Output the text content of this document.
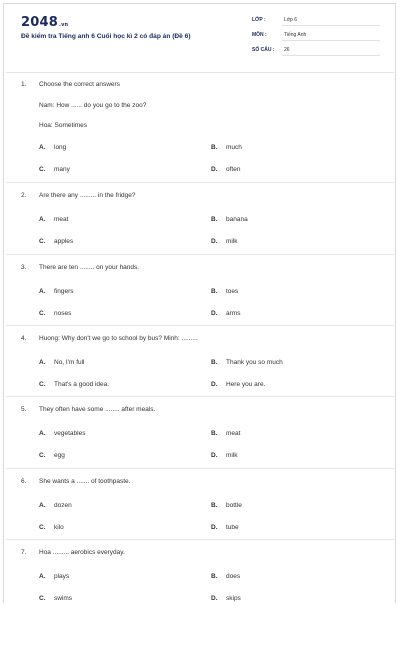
2048.vn
Đề kiểm tra Tiếng anh 6 Cuối học kì 2 có đáp án (Đề 6)
LỚP :	Lớp 6
MÔN :	Tiếng Anh
SỐ CÂU : 26
1. Choose the correct answers
Nam: How ...... do you go to the zoo?
Hoa: Sometimes
A. long	B. much
C. many	D. often
2. Are there any ......... in the fridge?
A. meat	B. banana
C. apples	D. milk
3. There are ten ........ on your hands.
A. fingers	B. toes
C. noses	D. arms
4. Huong: Why don't we go to school by bus? Minh: .........
A. No, I'm full	B. Thank you so much
C. That's a good idea.	D. Here you are.
5. They often have some ........ after meals.
A. vegetables	B. meat
C. egg	D. milk
6. She wants a ....... of toothpaste.
A. dozen	B. bottle
C. kilo	D. tube
7. Hoa ......... aerobics everyday.
A. plays	B. does
C. swims	D. skips
